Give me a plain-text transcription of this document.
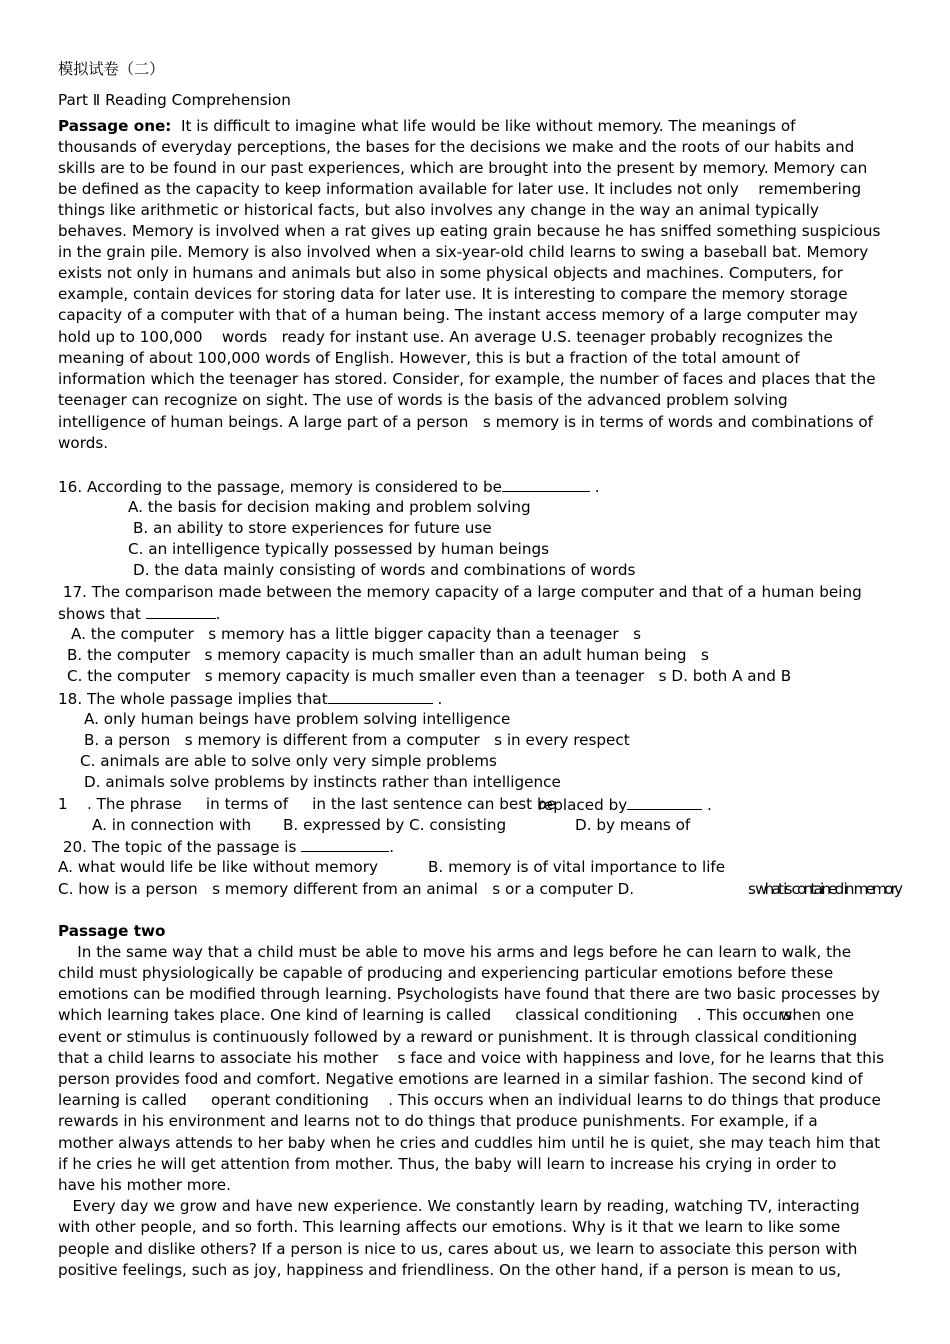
模拟试卷（二）
Part Ⅱ Reading Comprehension
Passage one: It is difficult to imagine what life would be like without memory. The meanings of
thousands of everyday perceptions, the bases for the decisions we make and the roots of our habits and
skills are to be found in our past experiences, which are brought into the present by memory. Memory can
be defined as the capacity to keep information available for later use. It includes not only    remembering
things like arithmetic or historical facts, but also involves any change in the way an animal typically
behaves. Memory is involved when a rat gives up eating grain because he has sniffed something suspicious
in the grain pile. Memory is also involved when a six-year-old child learns to swing a baseball bat. Memory
exists not only in humans and animals but also in some physical objects and machines. Computers, for
example, contain devices for storing data for later use. It is interesting to compare the memory storage
capacity of a computer with that of a human being. The instant access memory of a large computer may
hold up to 100,000    words   ready for instant use. An average U.S. teenager probably recognizes the
meaning of about 100,000 words of English. However, this is but a fraction of the total amount of
information which the teenager has stored. Consider, for example, the number of faces and places that the
teenager can recognize on sight. The use of words is the basis of the advanced problem solving
intelligence of human beings. A large part of a person   s memory is in terms of words and combinations of
words.
16. According to the passage, memory is considered to be	.
A. the basis for decision making and problem solving
B. an ability to store experiences for future use
C. an intelligence typically possessed by human beings
D. the data mainly consisting of words and combinations of words
17. The comparison made between the memory capacity of a large computer and that of a human being
shows that	.
A. the computer   s memory has a little bigger capacity than a teenager   s
B. the computer   s memory capacity is much smaller than an adult human being   s
C. the computer   s memory capacity is much smaller even than a teenager   s D. both A and B
18. The whole passage implies that	.
A. only human beings have problem solving intelligence
B. a person   s memory is different from a computer   s in every respect
C. animals are able to solve only very simple problems
D. animals solve problems by instincts rather than intelligence
1    . The phrase     in terms of     in the last sentence can best be
replaced by	.
A. in connection with B. expressed by C. consisting	D. by means of
20. The topic of the passage is	.
A. what would life be like without memory	B. memory is of vital importance to life
C. how is a person   s memory different from an animal   s or a computer D.	s what is contained in memory
Passage two
In the same way that a child must be able to move his arms and legs before he can learn to walk, the
child must physiologically be capable of producing and experiencing particular emotions before these
emotions can be modified through learning. Psychologists have found that there are two basic processes by
which learning takes place. One kind of learning is called     classical conditioning    . This occurs
when one
event or stimulus is continuously followed by a reward or punishment. It is through classical conditioning
that a child learns to associate his mother    s face and voice with happiness and love, for he learns that this
person provides food and comfort. Negative emotions are learned in a similar fashion. The second kind of
learning is called     operant conditioning    . This occurs when an individual learns to do things that produce
rewards in his environment and learns not to do things that produce punishments. For example, if a
mother always attends to her baby when he cries and cuddles him until he is quiet, she may teach him that
if he cries he will get attention from mother. Thus, the baby will learn to increase his crying in order to
have his mother more.
Every day we grow and have new experience. We constantly learn by reading, watching TV, interacting
with other people, and so forth. This learning affects our emotions. Why is it that we learn to like some
people and dislike others? If a person is nice to us, cares about us, we learn to associate this person with
positive feelings, such as joy, happiness and friendliness. On the other hand, if a person is mean to us,
